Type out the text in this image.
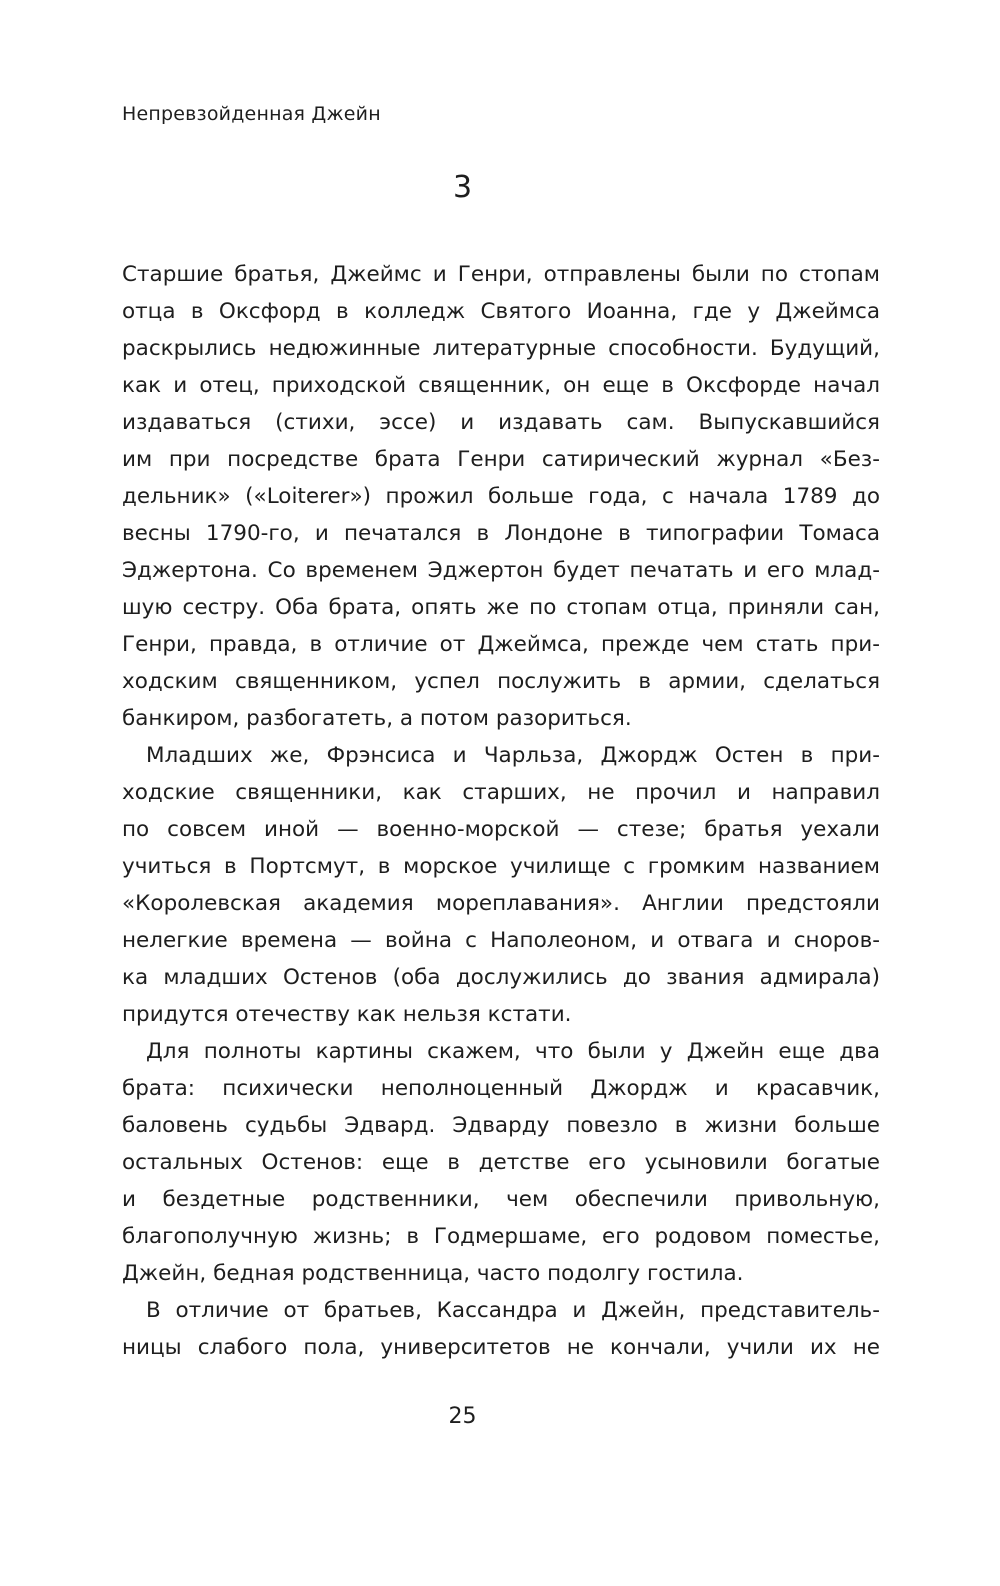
Непревзойденная Джейн
3
Старшие братья, Джеймс и Генри, отправлены были по стопам
отца в Оксфорд в колледж Святого Иоанна, где у Джеймса
раскрылись недюжинные литературные способности. Будущий,
как и отец, приходской священник, он еще в Оксфорде начал
издаваться (стихи, эссе) и издавать сам. Выпускавшийся
им при посредстве брата Генри сатирический журнал «Без-
дельник» («Loiterer») прожил больше года, с начала 1789 до
весны 1790-го, и печатался в Лондоне в типографии Томаса
Эджертона. Со временем Эджертон будет печатать и его млад-
шую сестру. Оба брата, опять же по стопам отца, приняли сан,
Генри, правда, в отличие от Джеймса, прежде чем стать при-
ходским священником, успел послужить в армии, сделаться
банкиром, разбогатеть, а потом разориться.
Младших же, Фрэнсиса и Чарльза, Джордж Остен в при-
ходские священники, как старших, не прочил и направил
по совсем иной — военно-морской — стезе; братья уехали
учиться в Портсмут, в морское училище с громким названием
«Королевская академия мореплавания». Англии предстояли
нелегкие времена — война с Наполеоном, и отвага и сноров-
ка младших Остенов (оба дослужились до звания адмирала)
придутся отечеству как нельзя кстати.
Для полноты картины скажем, что были у Джейн еще два
брата: психически неполноценный Джордж и красавчик,
баловень судьбы Эдвард. Эдварду повезло в жизни больше
остальных Остенов: еще в детстве его усыновили богатые
и бездетные родственники, чем обеспечили привольную,
благополучную жизнь; в Годмершаме, его родовом поместье,
Джейн, бедная родственница, часто подолгу гостила.
В отличие от братьев, Кассандра и Джейн, представитель-
ницы слабого пола, университетов не кончали, учили их не
25
